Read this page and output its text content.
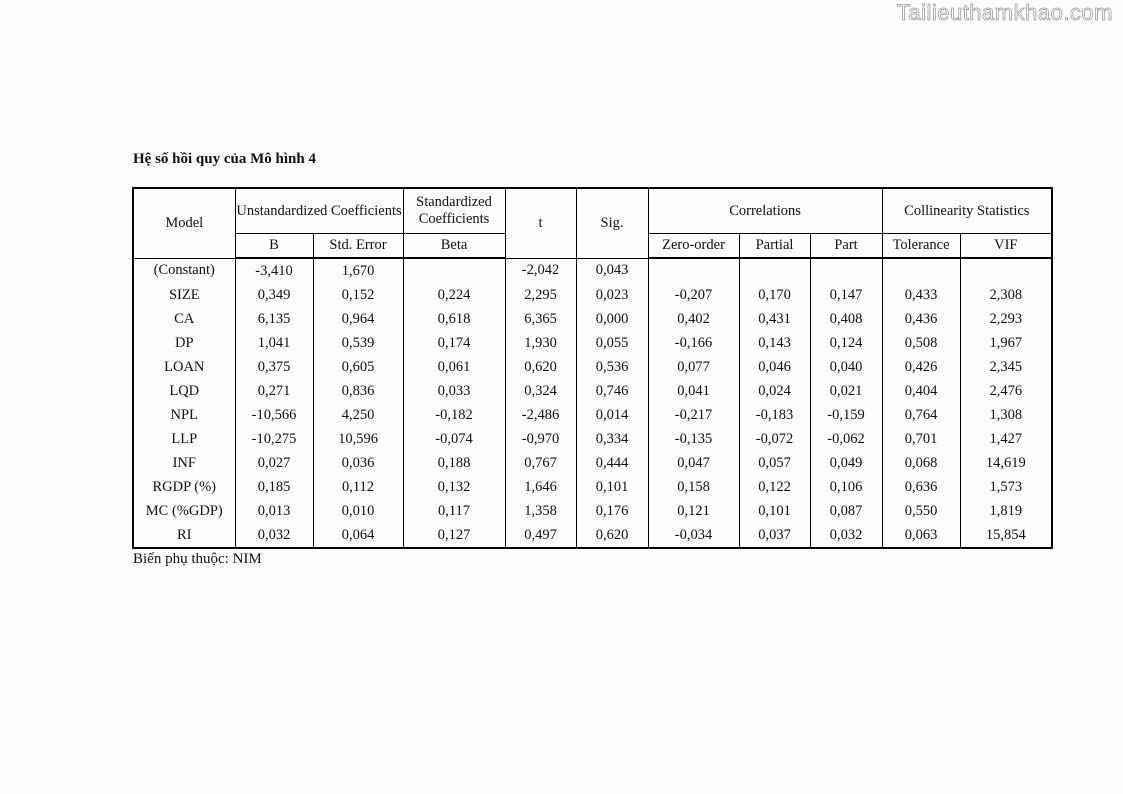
Tailieuthamkhao.com
Hệ số hồi quy của Mô hình 4
Model	Unstandardized Coefficients		Standardized Coefficients	t	Sig.	Correlations			Collinearity Statistics	
	B	Std. Error	Beta			Zero-order	Partial	Part	Tolerance	VIF
(Constant)	-3,410	1,670		-2,042	0,043					
SIZE	0,349	0,152	0,224	2,295	0,023	-0,207	0,170	0,147	0,433	2,308
CA	6,135	0,964	0,618	6,365	0,000	0,402	0,431	0,408	0,436	2,293
DP	1,041	0,539	0,174	1,930	0,055	-0,166	0,143	0,124	0,508	1,967
LOAN	0,375	0,605	0,061	0,620	0,536	0,077	0,046	0,040	0,426	2,345
LQD	0,271	0,836	0,033	0,324	0,746	0,041	0,024	0,021	0,404	2,476
NPL	-10,566	4,250	-0,182	-2,486	0,014	-0,217	-0,183	-0,159	0,764	1,308
LLP	-10,275	10,596	-0,074	-0,970	0,334	-0,135	-0,072	-0,062	0,701	1,427
INF	0,027	0,036	0,188	0,767	0,444	0,047	0,057	0,049	0,068	14,619
RGDP (%)	0,185	0,112	0,132	1,646	0,101	0,158	0,122	0,106	0,636	1,573
MC (%GDP)	0,013	0,010	0,117	1,358	0,176	0,121	0,101	0,087	0,550	1,819
RI	0,032	0,064	0,127	0,497	0,620	-0,034	0,037	0,032	0,063	15,854
Biến phụ thuộc: NIM
